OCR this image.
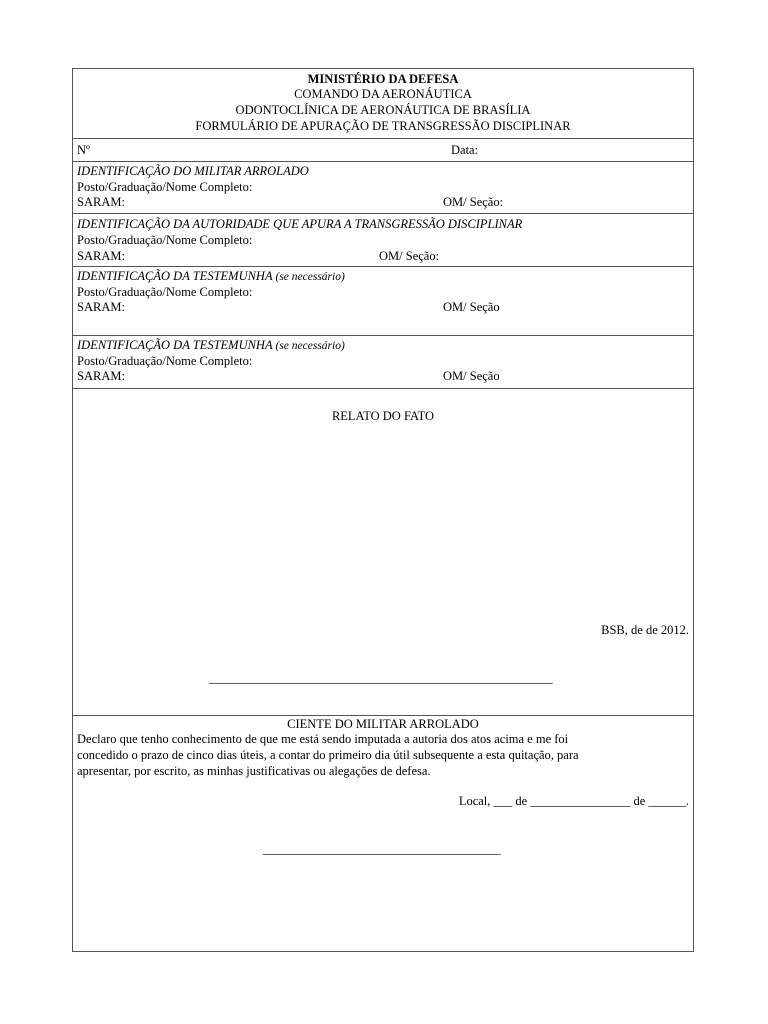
MINISTÉRIO DA DEFESA
COMANDO DA AERONÁUTICA
ODONTOCLÍNICA DE AERONÁUTICA DE BRASÍLIA
FORMULÁRIO DE APURAÇÃO DE TRANSGRESSÃO DISCIPLINAR
Nº	Data:
IDENTIFICAÇÃO DO MILITAR ARROLADO
Posto/Graduação/Nome Completo:
SARAM:	OM/ Seção:
IDENTIFICAÇÃO DA AUTORIDADE QUE APURA A TRANSGRESSÃO DISCIPLINAR
Posto/Graduação/Nome Completo:
SARAM:	OM/ Seção:
IDENTIFICAÇÃO DA TESTEMUNHA (se necessário)
Posto/Graduação/Nome Completo:
SARAM:	OM/ Seção
IDENTIFICAÇÃO DA TESTEMUNHA (se necessário)
Posto/Graduação/Nome Completo:
SARAM:	OM/ Seção
RELATO DO FATO
BSB, de de 2012.
_______________________________________________________
CIENTE DO MILITAR ARROLADO
Declaro que tenho conhecimento de que me está sendo imputada a autoria dos atos acima e me foi
concedido o prazo de cinco dias úteis, a contar do primeiro dia útil subsequente a esta quitação, para
apresentar, por escrito, as minhas justificativas ou alegações de defesa.
Local, ___ de ________________ de ______.
______________________________________
